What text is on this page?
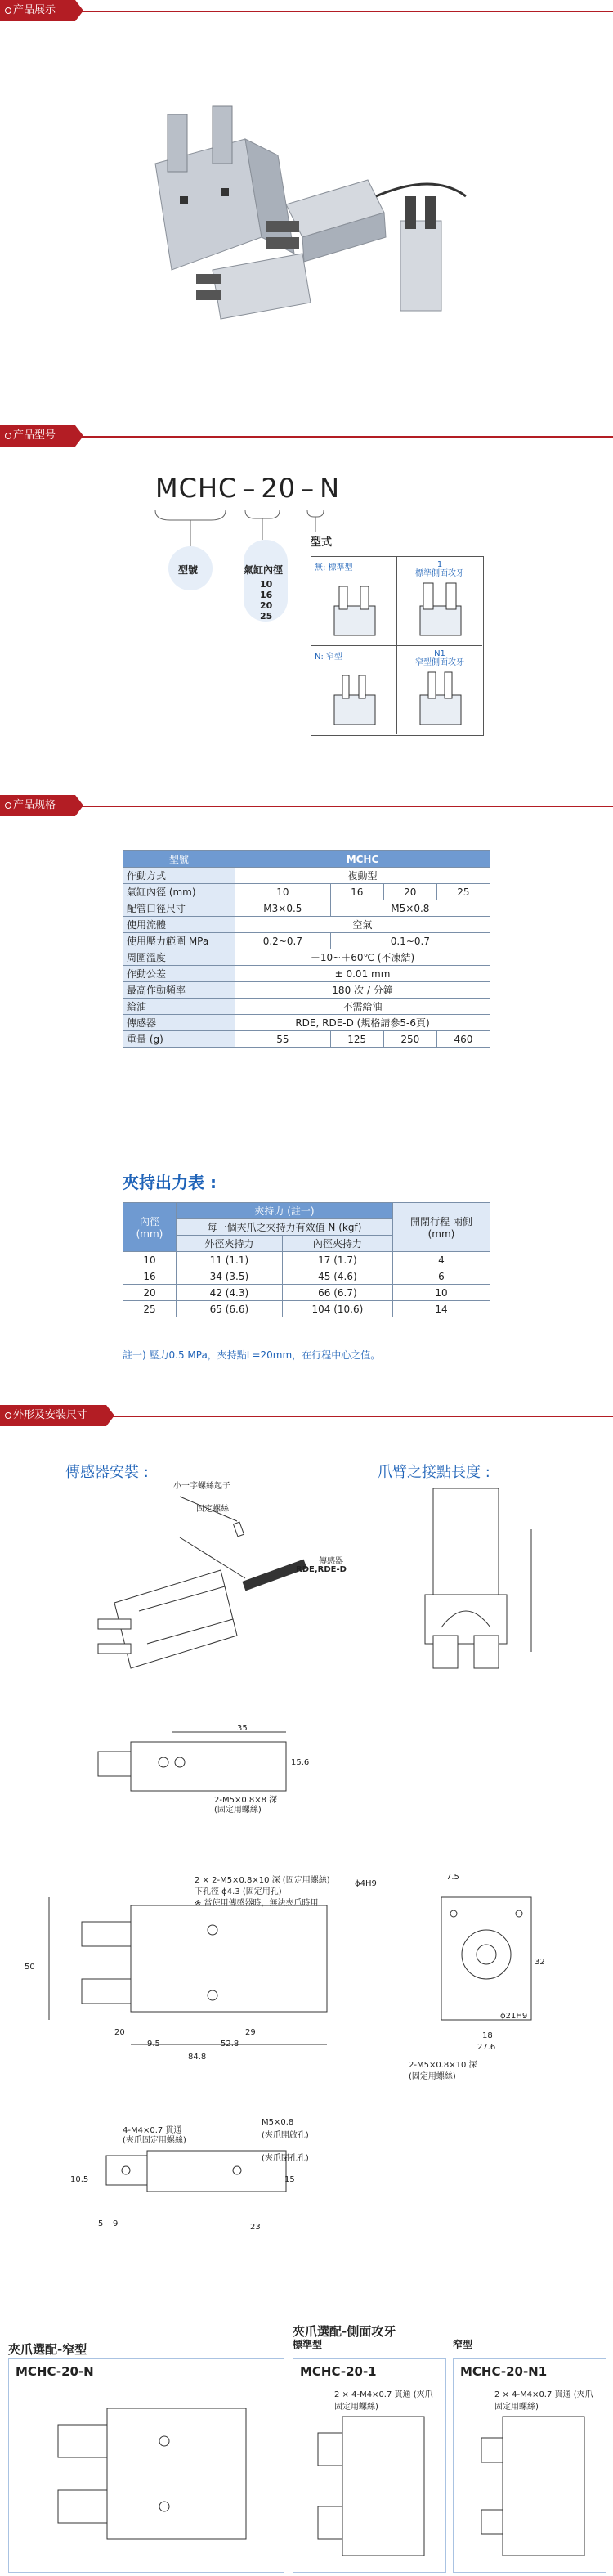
产品展示
产品型号
MCHC – 20 – N
型號	氣缸內徑
10
16
20
25
型式
無: 標準型	1
標準側面攻牙
N: 窄型	N1
窄型側面攻牙
产品规格
型號	MCHC			
作動方式	複動型			
氣缸內徑 (mm)	10	16	20	25
配管口徑尺寸	M3×0.5	M5×0.8		
使用流體	空氣			
使用壓力範圍 MPa	0.2~0.7	0.1~0.7		
周圍溫度	－10~＋60℃ (不凍結)			
作動公差	± 0.01 mm			
最高作動頻率	180 次 / 分鐘			
給油	不需給油			
傳感器	RDE, RDE-D (規格請參5-6頁)			
重量 (g)	55	125	250	460
夾持出力表 :
內徑 (mm)	夾持力 (註一)		開閉行程 兩側 (mm)
	每一個夾爪之夾持力有效值 N (kgf)		
	外徑夾持力	內徑夾持力	
10	11 (1.1)	17 (1.7)	4
16	34 (3.5)	45 (4.6)	6
20	42 (4.3)	66 (6.7)	10
25	65 (6.6)	104 (10.6)	14
註一) 壓力0.5 MPa，夾持點L=20mm，在行程中心之值。
外形及安装尺寸
傳感器安裝 :	爪臂之接點長度 :
小一字螺絲起子
固定螺絲
傳感器
RDE,RDE-D
35
15.6
2-M5×0.8×8 深
(固定用螺絲)
2 × 2-M5×0.8×10 深 (固定用螺絲)
下孔徑 ϕ4.3 (固定用孔)
※ 當使用傳感器時，無法夾爪時用
50
20	29
9.5	52.8
84.8
ϕ4H9
7.5
18
27.6
32
ϕ21H9
2-M5×0.8×10 深
(固定用螺絲)
4-M4×0.7 貫通
(夾爪固定用螺絲)
M5×0.8
(夾爪開啟孔)
(夾爪閉孔孔)
10.5	15
5 9	23
夾爪選配-窄型
夾爪選配-側面攻牙
標準型	窄型
MCHC-20-N	MCHC-20-1
2 × 4-M4×0.7 貫通 (夾爪固定用螺絲)
MCHC-20-N1
2 × 4-M4×0.7 貫通 (夾爪固定用螺絲)
